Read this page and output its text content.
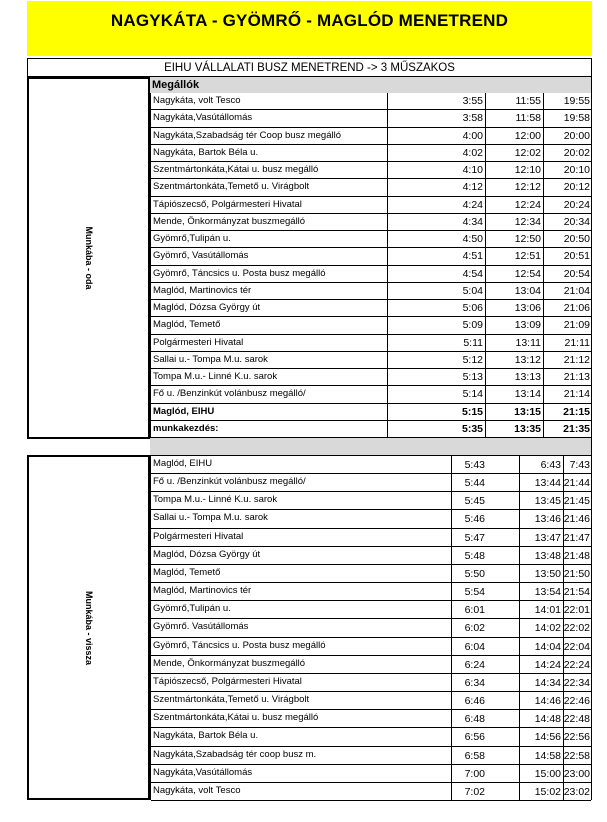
NAGYKÁTA - GYÖMRŐ - MAGLÓD MENETREND
EIHU VÁLLALATI BUSZ MENETREND -> 3 MŰSZAKOS
Munkába - oda
Megállók
Nagykáta, volt Tesco	3:55	11:55	19:55
Nagykáta,Vasútállomás	3:58	11:58	19:58
Nagykáta,Szabadság tér Coop busz megálló	4:00	12:00	20:00
Nagykáta, Bartok Béla u.	4:02	12:02	20:02
Szentmártonkáta,Kátai u. busz megálló	4:10	12:10	20:10
Szentmártonkáta,Temető u. Virágbolt	4:12	12:12	20:12
Tápiószecső, Polgármesteri Hivatal	4:24	12:24	20:24
Mende, Önkormányzat buszmegálló	4:34	12:34	20:34
Gyömrő,Tulipán u.	4:50	12:50	20:50
Gyömrő, Vasútállomás	4:51	12:51	20:51
Gyömrő, Táncsics u. Posta busz megálló	4:54	12:54	20:54
Maglód, Martinovics tér	5:04	13:04	21:04
Maglód, Dózsa György út	5:06	13:06	21:06
Maglód, Temető	5:09	13:09	21:09
Polgármesteri Hivatal	5:11	13:11	21:11
Sallai u.- Tompa M.u. sarok	5:12	13:12	21:12
Tompa M.u.- Linné K.u. sarok	5:13	13:13	21:13
Fő u. /Benzinkút volánbusz megálló/	5:14	13:14	21:14
Maglód, EIHU	5:15	13:15	21:15
munkakezdés:	5:35	13:35	21:35
Munkába - vissza
Maglód, EIHU	5:43	6:43 7:43
Fő u. /Benzinkút volánbusz megálló/	5:44	13:44 21:44
Tompa M.u.- Linné K.u. sarok	5:45	13:45 21:45
Sallai u.- Tompa M.u. sarok	5:46	13:46 21:46
Polgármesteri Hivatal	5:47	13:47 21:47
Maglód, Dózsa György út	5:48	13:48 21:48
Maglód, Temető	5:50	13:50 21:50
Maglód, Martinovics tér	5:54	13:54 21:54
Gyömrő,Tulipán u.	6:01	14:01 22:01
Gyömrő. Vasútállomás	6:02	14:02 22:02
Gyömrő, Táncsics u. Posta busz megálló	6:04	14:04 22:04
Mende, Önkormányzat buszmegálló	6:24	14:24 22:24
Tápiószecső, Polgármesteri Hivatal	6:34	14:34 22:34
Szentmártonkáta,Temető u. Virágbolt	6:46	14:46 22:46
Szentmártonkáta,Kátai u. busz megálló	6:48	14:48 22:48
Nagykáta, Bartok Béla u.	6:56	14:56 22:56
Nagykáta,Szabadság tér coop busz m.	6:58	14:58 22:58
Nagykáta,Vasútállomás	7:00	15:00 23:00
Nagykáta, volt Tesco	7:02	15:02 23:02
